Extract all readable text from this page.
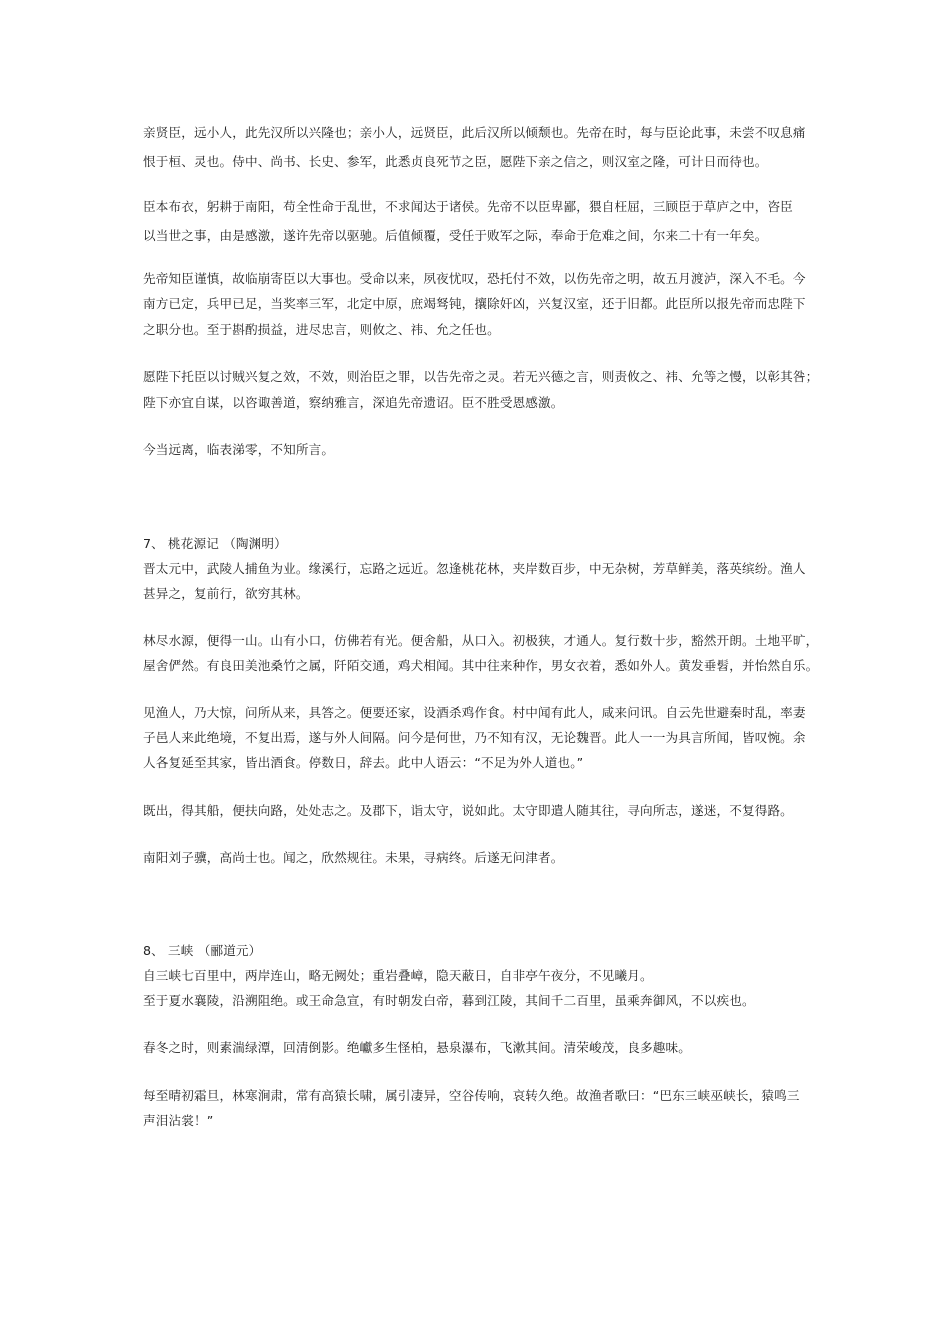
亲贤臣，远小人，此先汉所以兴隆也；亲小人，远贤臣，此后汉所以倾颓也。先帝在时，每与臣论此事，未尝不叹息痛
恨于桓、灵也。侍中、尚书、长史、参军，此悉贞良死节之臣，愿陛下亲之信之，则汉室之隆，可计日而待也。
臣本布衣，躬耕于南阳，苟全性命于乱世，不求闻达于诸侯。先帝不以臣卑鄙，猥自枉屈，三顾臣于草庐之中，咨臣
以当世之事，由是感激，遂许先帝以驱驰。后值倾覆，受任于败军之际，奉命于危难之间，尔来二十有一年矣。
先帝知臣谨慎，故临崩寄臣以大事也。受命以来，夙夜忧叹，恐托付不效，以伤先帝之明，故五月渡泸，深入不毛。今
南方已定，兵甲已足，当奖率三军，北定中原，庶竭驽钝，攘除奸凶，兴复汉室，还于旧都。此臣所以报先帝而忠陛下
之职分也。至于斟酌损益，进尽忠言，则攸之、祎、允之任也。
愿陛下托臣以讨贼兴复之效，不效，则治臣之罪，以告先帝之灵。若无兴德之言，则责攸之、祎、允等之慢，以彰其咎；
陛下亦宜自谋，以咨诹善道，察纳雅言，深追先帝遗诏。臣不胜受恩感激。
今当远离，临表涕零，不知所言。
7、 桃花源记 （陶渊明）
晋太元中，武陵人捕鱼为业。缘溪行，忘路之远近。忽逢桃花林，夹岸数百步，中无杂树，芳草鲜美，落英缤纷。渔人
甚异之，复前行，欲穷其林。
林尽水源，便得一山。山有小口，仿佛若有光。便舍船，从口入。初极狭，才通人。复行数十步，豁然开朗。土地平旷，
屋舍俨然。有良田美池桑竹之属，阡陌交通，鸡犬相闻。其中往来种作，男女衣着，悉如外人。黄发垂髫，并怡然自乐。
见渔人，乃大惊，问所从来，具答之。便要还家，设酒杀鸡作食。村中闻有此人，咸来问讯。自云先世避秦时乱，率妻
子邑人来此绝境，不复出焉，遂与外人间隔。问今是何世，乃不知有汉，无论魏晋。此人一一为具言所闻，皆叹惋。余
人各复延至其家，皆出酒食。停数日，辞去。此中人语云：“不足为外人道也。”
既出，得其船，便扶向路，处处志之。及郡下，诣太守，说如此。太守即遣人随其往，寻向所志，遂迷，不复得路。
南阳刘子骥，高尚士也。闻之，欣然规往。未果，寻病终。后遂无问津者。
8、 三峡 （郦道元）
自三峡七百里中，两岸连山，略无阙处；重岩叠嶂，隐天蔽日，自非亭午夜分，不见曦月。
至于夏水襄陵，沿溯阻绝。或王命急宣，有时朝发白帝，暮到江陵，其间千二百里，虽乘奔御风，不以疾也。
春冬之时，则素湍绿潭，回清倒影。绝巘多生怪柏，悬泉瀑布，飞漱其间。清荣峻茂，良多趣味。
每至晴初霜旦，林寒涧肃，常有高猿长啸，属引凄异，空谷传响，哀转久绝。故渔者歌曰：“巴东三峡巫峡长，猿鸣三
声泪沾裳！”
